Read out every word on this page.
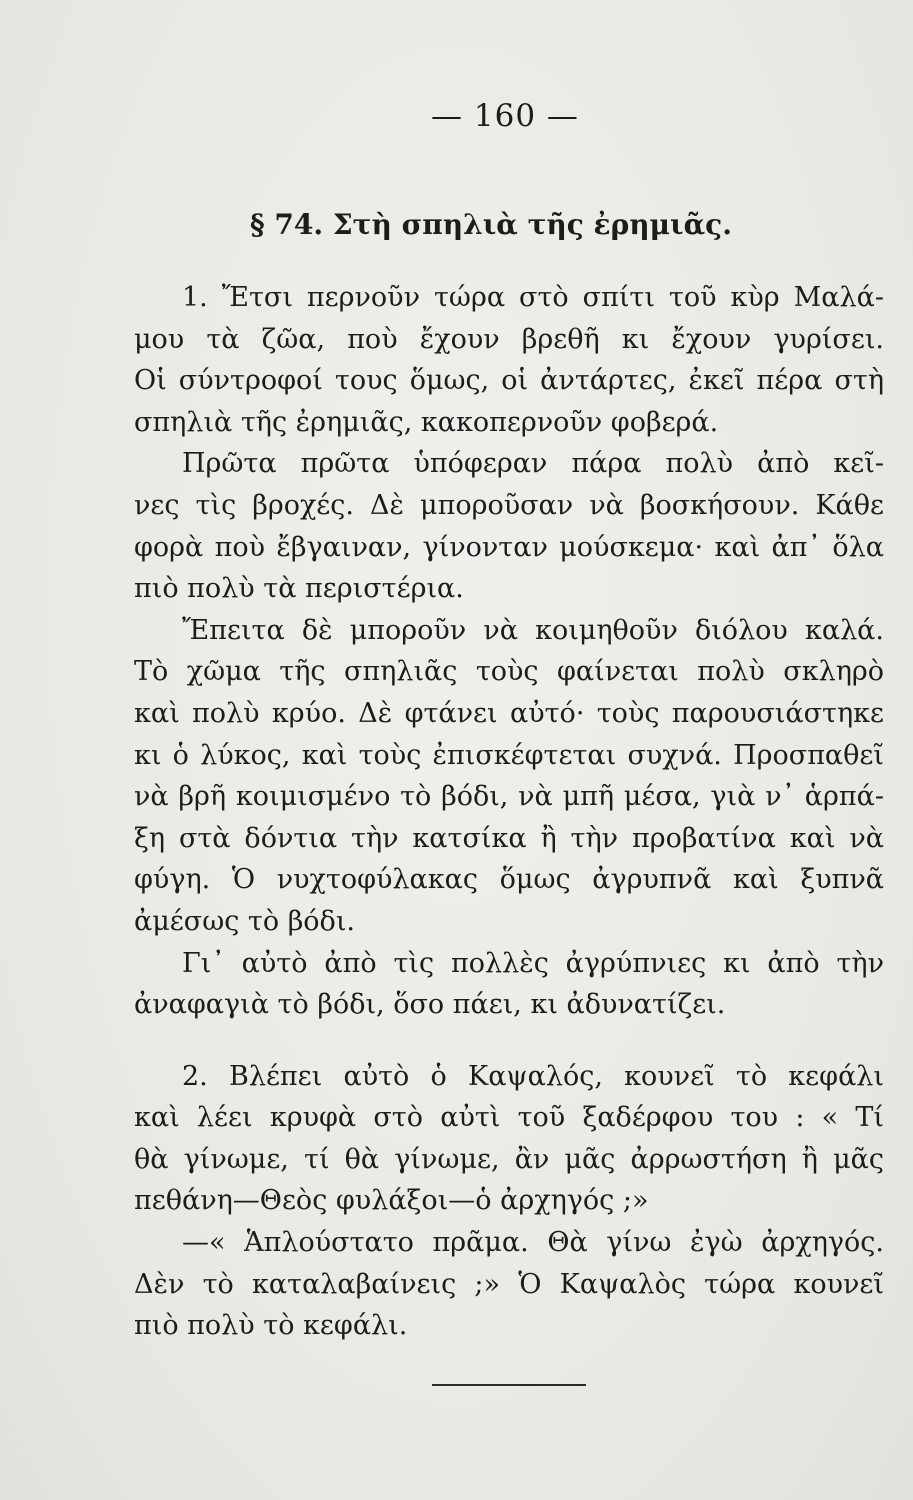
— 160 —
§ 74. Στὴ σπηλιὰ τῆς ἐρημιᾶς.
1. Ἔτσι περνοῦν τώρα στὸ σπίτι τοῦ κὺρ Μαλά-
μου τὰ ζῶα, ποὺ ἔχουν βρεθῆ κι ἔχουν γυρίσει.
Οἱ σύντροφοί τους ὅμως, οἱ ἀντάρτες, ἐκεῖ πέρα στὴ
σπηλιὰ τῆς ἐρημιᾶς, κακοπερνοῦν φοβερά.
Πρῶτα πρῶτα ὑπόφεραν πάρα πολὺ ἀπὸ κεῖ-
νες τὶς βροχές. Δὲ μποροῦσαν νὰ βοσκήσουν. Κάθε
φορὰ ποὺ ἔβγαιναν, γίνονταν μούσκεμα· καὶ ἀπ᾽ ὅλα
πιὸ πολὺ τὰ περιστέρια.
Ἔπειτα δὲ μποροῦν νὰ κοιμηθοῦν διόλου καλά.
Τὸ χῶμα τῆς σπηλιᾶς τοὺς φαίνεται πολὺ σκληρὸ
καὶ πολὺ κρύο. Δὲ φτάνει αὐτό· τοὺς παρουσιάστηκε
κι ὁ λύκος, καὶ τοὺς ἐπισκέφτεται συχνά. Προσπαθεῖ
νὰ βρῆ κοιμισμένο τὸ βόδι, νὰ μπῆ μέσα, γιὰ ν᾽ ἁρπά-
ξη στὰ δόντια τὴν κατσίκα ἢ τὴν προβατίνα καὶ νὰ
φύγη. Ὁ νυχτοφύλακας ὅμως ἀγρυπνᾶ καὶ ξυπνᾶ
ἀμέσως τὸ βόδι.
Γι᾽ αὐτὸ ἀπὸ τὶς πολλὲς ἀγρύπνιες κι ἀπὸ τὴν
ἀναφαγιὰ τὸ βόδι, ὅσο πάει, κι ἀδυνατίζει.
2. Βλέπει αὐτὸ ὁ Καψαλός, κουνεῖ τὸ κεφάλι
καὶ λέει κρυφὰ στὸ αὐτὶ τοῦ ξαδέρφου του : « Τί
θὰ γίνωμε, τί θὰ γίνωμε, ἂν μᾶς ἀρρωστήση ἢ μᾶς
πεθάνη—Θεὸς φυλάξοι—ὁ ἀρχηγός ;»
—« Ἁπλούστατο πρᾶμα. Θὰ γίνω ἐγὼ ἀρχηγός.
Δὲν τὸ καταλαβαίνεις ;» Ὁ Καψαλὸς τώρα κουνεῖ
πιὸ πολὺ τὸ κεφάλι.
